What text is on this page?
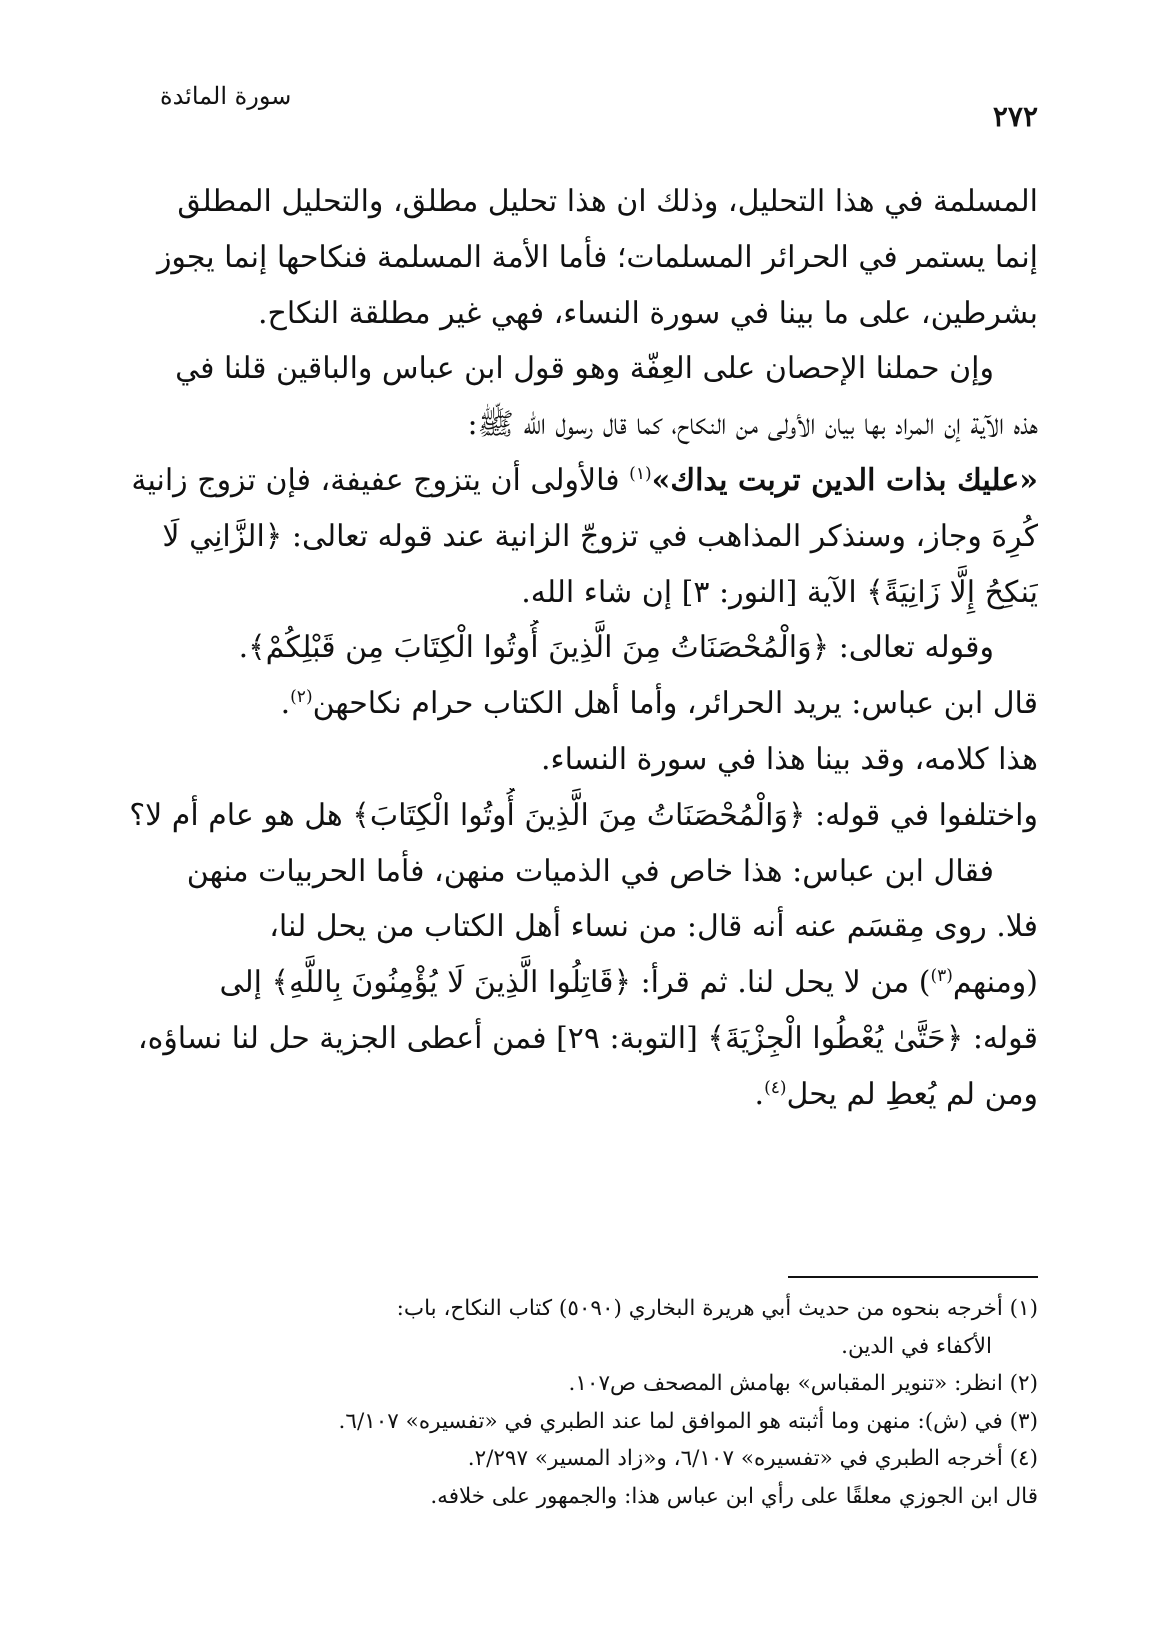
سورة المائدة
٢٧٢
المسلمة في هذا التحليل، وذلك ان هذا تحليل مطلق، والتحليل المطلق
إنما يستمر في الحرائر المسلمات؛ فأما الأمة المسلمة فنكاحها إنما يجوز
بشرطين، على ما بينا في سورة النساء، فهي غير مطلقة النكاح.
وإن حملنا الإحصان على العِفّة وهو قول ابن عباس والباقين قلنا في
هذه الآية إن المراد بها بيان الأولى من النكاح، كما قال رسول الله ﷺ:
«عليك بذات الدين تربت يداك»$^{(١)}$ فالأولى أن يتزوج عفيفة، فإن تزوج زانية
كُرِهَ وجاز، وسنذكر المذاهب في تزوجّ الزانية عند قوله تعالى: ﴿الزَّانِي لَا
يَنكِحُ إِلَّا زَانِيَةً﴾ الآية [النور: ٣] إن شاء الله.
وقوله تعالى: ﴿وَالْمُحْصَنَاتُ مِنَ الَّذِينَ أُوتُوا الْكِتَابَ مِن قَبْلِكُمْ﴾.
قال ابن عباس: يريد الحرائر، وأما أهل الكتاب حرام نكاحهن$^{(٢)}$.
هذا كلامه، وقد بينا هذا في سورة النساء.
واختلفوا في قوله: ﴿وَالْمُحْصَنَاتُ مِنَ الَّذِينَ أُوتُوا الْكِتَابَ﴾ هل هو عام أم لا؟
فقال ابن عباس: هذا خاص في الذميات منهن، فأما الحربيات منهن
فلا. روى مِقسَم عنه أنه قال: من نساء أهل الكتاب من يحل لنا،
(ومنهم$^{(٣)}$) من لا يحل لنا. ثم قرأ: ﴿قَاتِلُوا الَّذِينَ لَا يُؤْمِنُونَ بِاللَّهِ﴾ إلى
قوله: ﴿حَتَّىٰ يُعْطُوا الْجِزْيَةَ﴾ [التوبة: ٢٩] فمن أعطى الجزية حل لنا نساؤه،
ومن لم يُعطِ لم يحل$^{(٤)}$.
(١) أخرجه بنحوه من حديث أبي هريرة البخاري (٥٠٩٠) كتاب النكاح، باب:
الأكفاء في الدين.
(٢) انظر: «تنوير المقباس» بهامش المصحف ص١٠٧.
(٣) في (ش): منهن وما أثبته هو الموافق لما عند الطبري في «تفسيره» ٦/١٠٧.
(٤) أخرجه الطبري في «تفسيره» ٦/١٠٧، و«زاد المسير» ٢/٢٩٧.
قال ابن الجوزي معلقًا على رأي ابن عباس هذا: والجمهور على خلافه.
